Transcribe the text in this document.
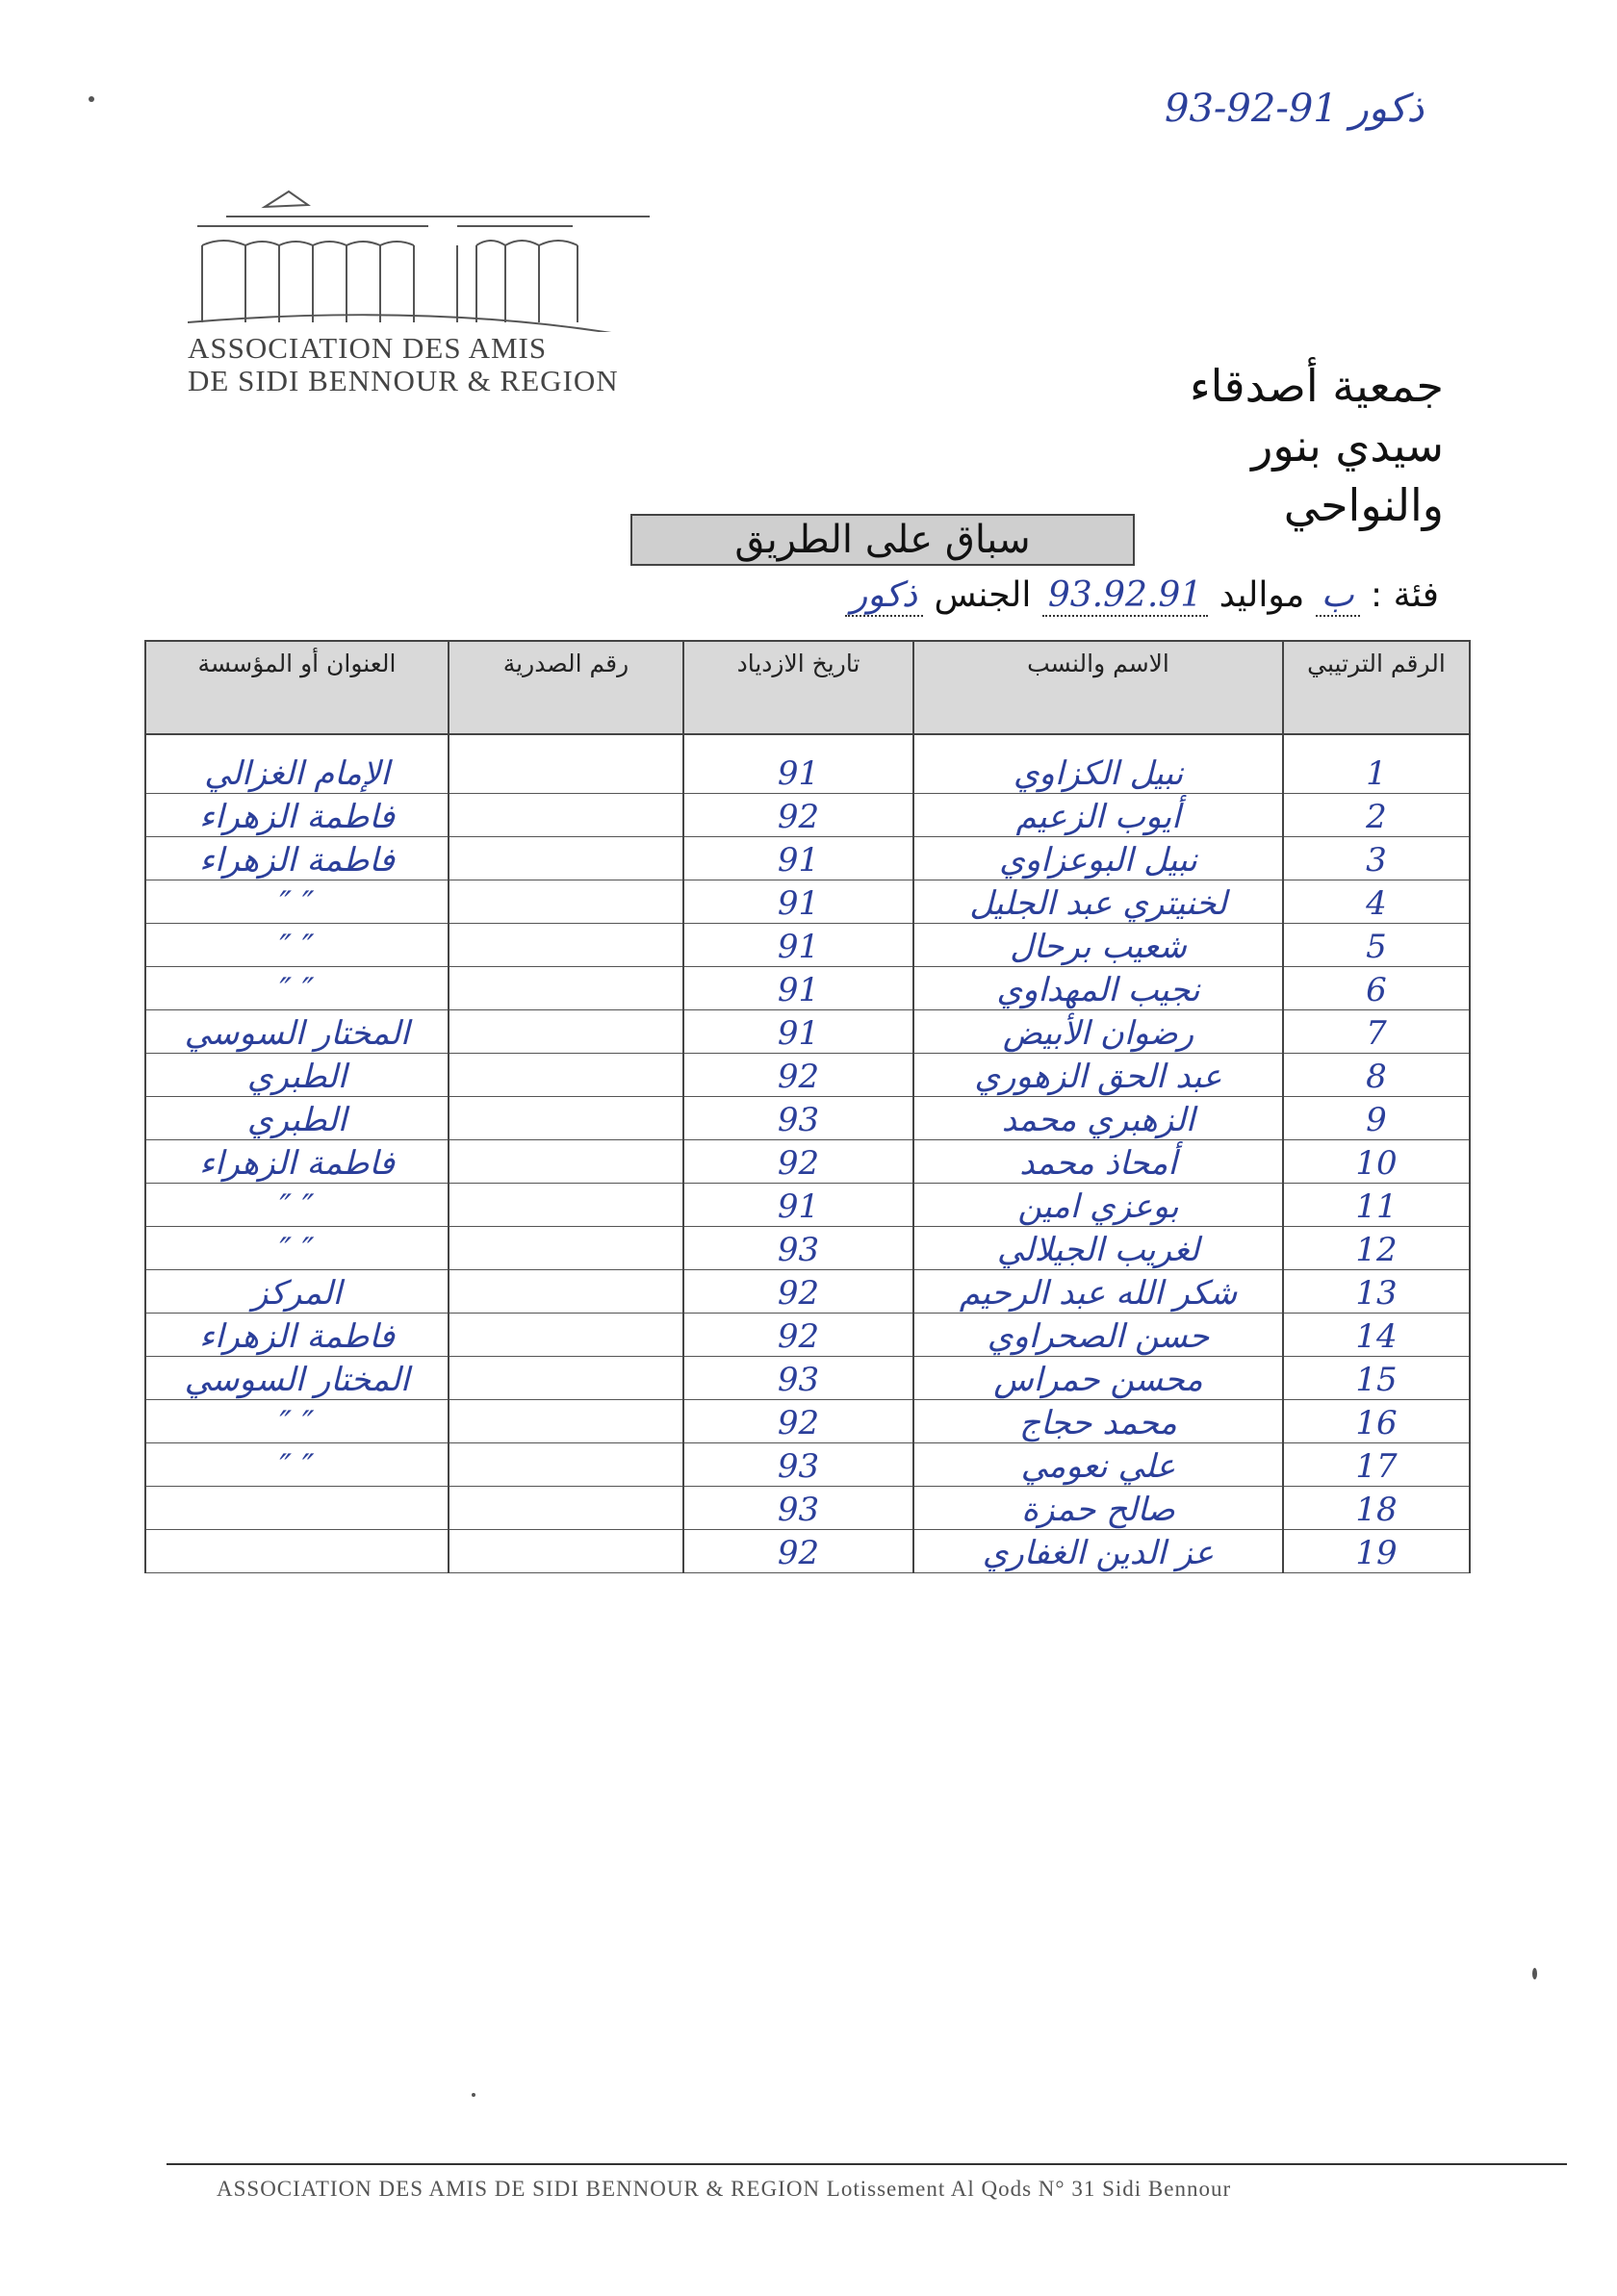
93-92-91 ذكور
ASSOCIATION DES AMIS
DE SIDI BENNOUR & REGION	جمعية أصدقاء
سيدي بنور
والنواحي
سباق على الطريق
فئة : ب مواليد 93.92.91 الجنس ذكور
الرقم الترتيبي	الاسم والنسب	تاريخ الازدياد	رقم الصدرية	العنوان أو المؤسسة
1	نبيل الكزاوي	91		الإمام الغزالي
2	أيوب الزعيم	92		فاطمة الزهراء
3	نبيل البوعزاوي	91		فاطمة الزهراء
4	لخنيتري عبد الجليل	91		″ ″
5	شعيب برحال	91		″ ″
6	نجيب المهداوي	91		″ ″
7	رضوان الأبيض	91		المختار السوسي
8	عبد الحق الزهوري	92		الطبري
9	الزهبري محمد	93		الطبري
10	أمحاذ محمد	92		فاطمة الزهراء
11	بوعزي امين	91		″ ″
12	لغريب الجيلالي	93		″ ″
13	شكر الله عبد الرحيم	92		المركز
14	حسن الصحراوي	92		فاطمة الزهراء
15	محسن حمراس	93		المختار السوسي
16	محمد حجاج	92		″ ″
17	علي نعومي	93		″ ″
18	صالح حمزة	93		
19	عز الدين الغفاري	92		
ASSOCIATION DES AMIS DE SIDI BENNOUR & REGION Lotissement Al Qods N° 31 Sidi Bennour
